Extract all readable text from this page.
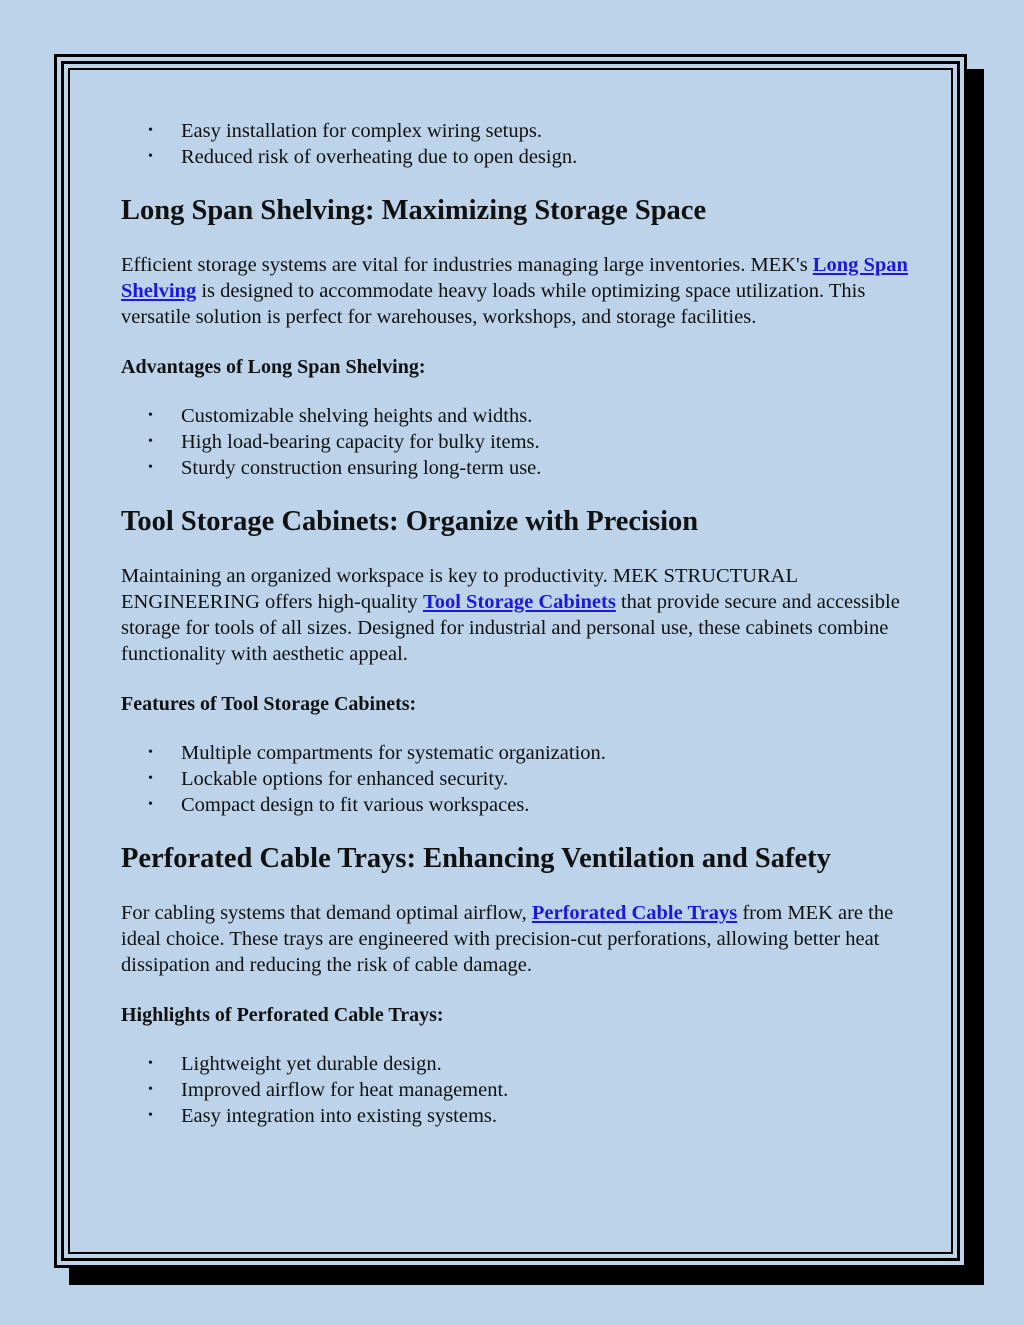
• Easy installation for complex wiring setups.
• Reduced risk of overheating due to open design.
Long Span Shelving: Maximizing Storage Space

Efficient storage systems are vital for industries managing large inventories. MEK's Long Span Shelving is designed to accommodate heavy loads while optimizing space utilization. This versatile solution is perfect for warehouses, workshops, and storage facilities.

Advantages of Long Span Shelving:
• Customizable shelving heights and widths.
• High load-bearing capacity for bulky items.
• Sturdy construction ensuring long-term use.
Tool Storage Cabinets: Organize with Precision

Maintaining an organized workspace is key to productivity. MEK STRUCTURAL ENGINEERING offers high-quality Tool Storage Cabinets that provide secure and accessible storage for tools of all sizes. Designed for industrial and personal use, these cabinets combine functionality with aesthetic appeal.

Features of Tool Storage Cabinets:
• Multiple compartments for systematic organization.
• Lockable options for enhanced security.
• Compact design to fit various workspaces.
Perforated Cable Trays: Enhancing Ventilation and Safety

For cabling systems that demand optimal airflow, Perforated Cable Trays from MEK are the ideal choice. These trays are engineered with precision-cut perforations, allowing better heat dissipation and reducing the risk of cable damage.

Highlights of Perforated Cable Trays:
• Lightweight yet durable design.
• Improved airflow for heat management.
• Easy integration into existing systems.
